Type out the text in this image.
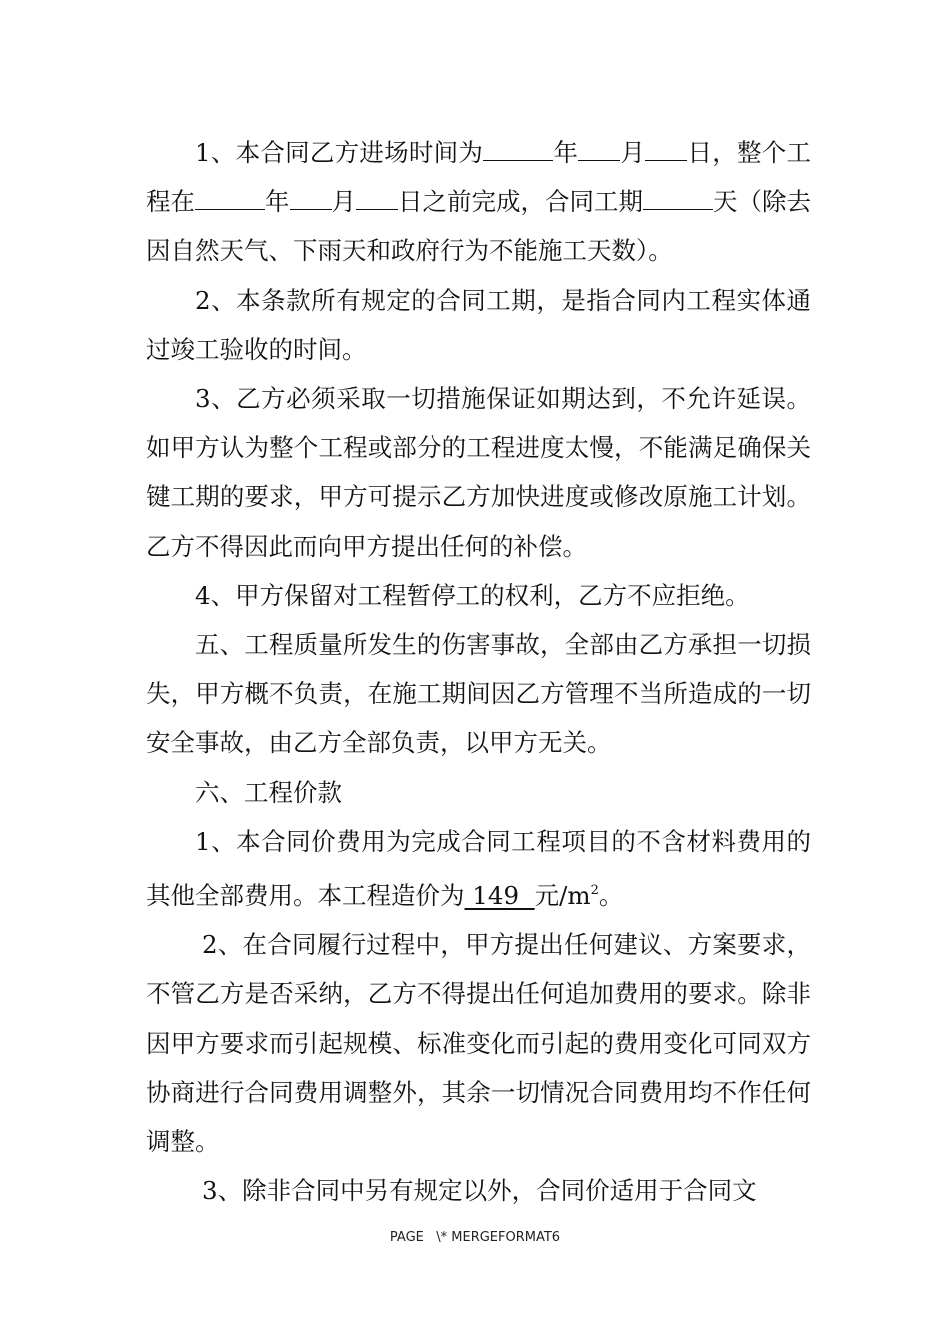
1、本合同乙方进场时间为	年 月 日，整个工程在	年 月 日之前完成，合同工期	天（除去因自然天气、下雨天和政府行为不能施工天数）。

2、本条款所有规定的合同工期，是指合同内工程实体通过竣工验收的时间。

3、乙方必须采取一切措施保证如期达到，不允许延误。如甲方认为整个工程或部分的工程进度太慢，不能满足确保关键工期的要求，甲方可提示乙方加快进度或修改原施工计划。乙方不得因此而向甲方提出任何的补偿。

4、甲方保留对工程暂停工的权利，乙方不应拒绝。

五、工程质量所发生的伤害事故，全部由乙方承担一切损失，甲方概不负责，在施工期间因乙方管理不当所造成的一切安全事故，由乙方全部负责，以甲方无关。

六、工程价款

1、本合同价费用为完成合同工程项目的不含材料费用的其他全部费用。本工程造价为 149  元$/m^2$。

2、在合同履行过程中，甲方提出任何建议、方案要求，不管乙方是否采纳，乙方不得提出任何追加费用的要求。除非因甲方要求而引起规模、标准变化而引起的费用变化可同双方协商进行合同费用调整外，其余一切情况合同费用均不作任何调整。

3、除非合同中另有规定以外，合同价适用于合同文

PAGE   \* MERGEFORMAT6
